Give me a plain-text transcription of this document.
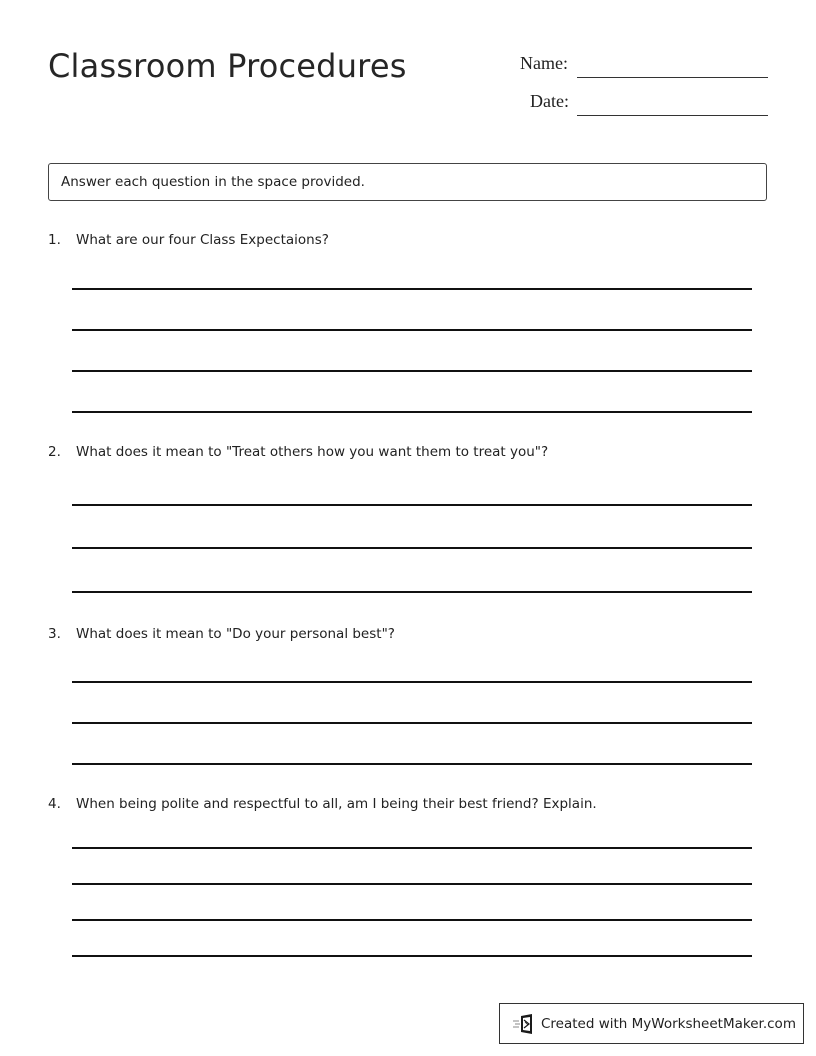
Classroom Procedures	Name:
Date:
Answer each question in the space provided.
1. What are our four Class Expectaions?
2. What does it mean to "Treat others how you want them to treat you"?
3. What does it mean to "Do your personal best"?
4. When being polite and respectful to all, am I being their best friend? Explain.
Created with MyWorksheetMaker.com
